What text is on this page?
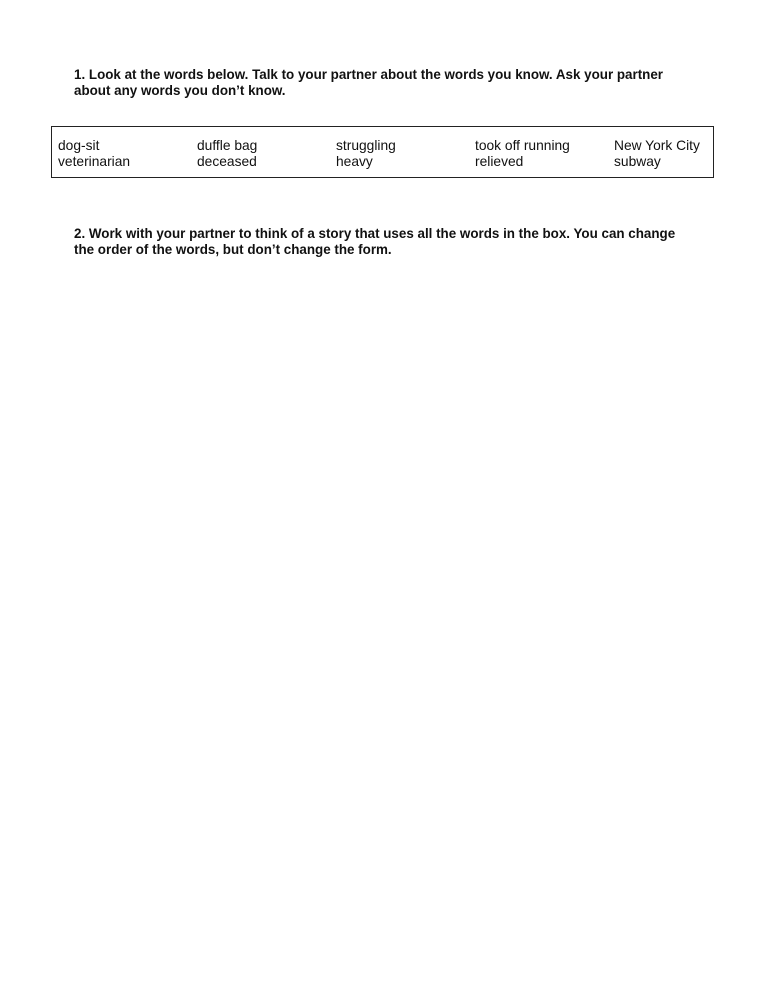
1. Look at the words below. Talk to your partner about the words you know. Ask your partner about any words you don’t know.
dog-sit	duffle bag	struggling	took off running	New York City
veterinarian	deceased	heavy	relieved	subway
2. Work with your partner to think of a story that uses all the words in the box. You can change the order of the words, but don’t change the form.
